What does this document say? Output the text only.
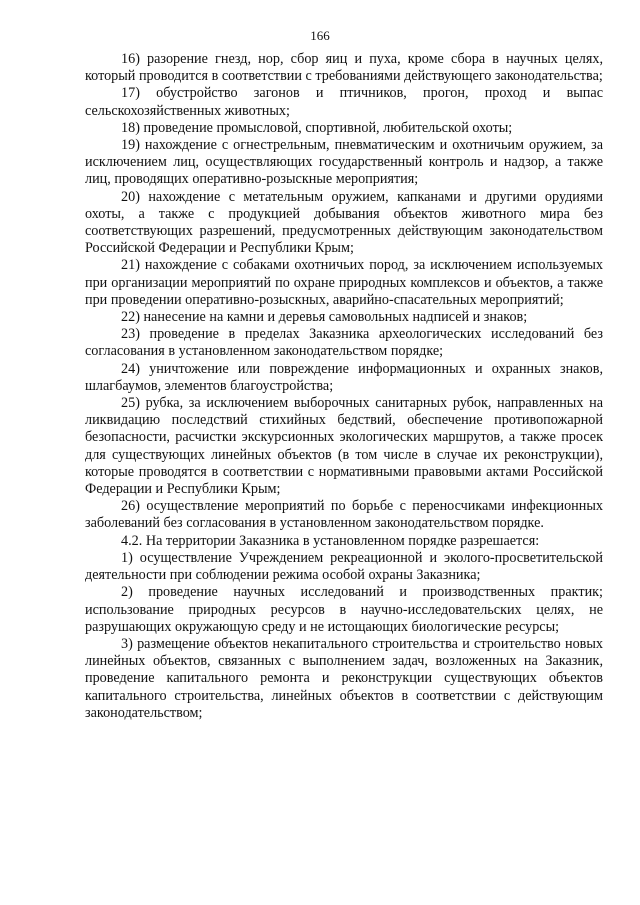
166

16) разорение гнезд, нор, сбор яиц и пуха, кроме сбора в научных целях, который проводится в соответствии с требованиями действующего законодательства;

17) обустройство загонов и птичников, прогон, проход и выпас сельскохозяйственных животных;

18) проведение промысловой, спортивной, любительской охоты;

19) нахождение с огнестрельным, пневматическим и охотничьим оружием, за исключением лиц, осуществляющих государственный контроль и надзор, а также лиц, проводящих оперативно-розыскные мероприятия;

20) нахождение с метательным оружием, капканами и другими орудиями охоты, а также с продукцией добывания объектов животного мира без соответствующих разрешений, предусмотренных действующим законодательством Российской Федерации и Республики Крым;

21) нахождение с собаками охотничьих пород, за исключением используемых при организации мероприятий по охране природных комплексов и объектов, а также при проведении оперативно-розыскных, аварийно-спасательных мероприятий;

22) нанесение на камни и деревья самовольных надписей и знаков;

23) проведение в пределах Заказника археологических исследований без согласования в установленном законодательством порядке;

24) уничтожение или повреждение информационных и охранных знаков, шлагбаумов, элементов благоустройства;

25) рубка, за исключением выборочных санитарных рубок, направленных на ликвидацию последствий стихийных бедствий, обеспечение противопожарной безопасности, расчистки экскурсионных экологических маршрутов, а также просек для существующих линейных объектов (в том числе в случае их реконструкции), которые проводятся в соответствии с нормативными правовыми актами Российской Федерации и Республики Крым;

26) осуществление мероприятий по борьбе с переносчиками инфекционных заболеваний без согласования в установленном законодательством порядке.

4.2. На территории Заказника в установленном порядке разрешается:

1) осуществление Учреждением рекреационной и эколого-просветительской деятельности при соблюдении режима особой охраны Заказника;

2) проведение научных исследований и производственных практик; использование природных ресурсов в научно-исследовательских целях, не разрушающих окружающую среду и не истощающих биологические ресурсы;

3) размещение объектов некапитального строительства и строительство новых линейных объектов, связанных с выполнением задач, возложенных на Заказник, проведение капитального ремонта и реконструкции существующих объектов капитального строительства, линейных объектов в соответствии с действующим законодательством;
